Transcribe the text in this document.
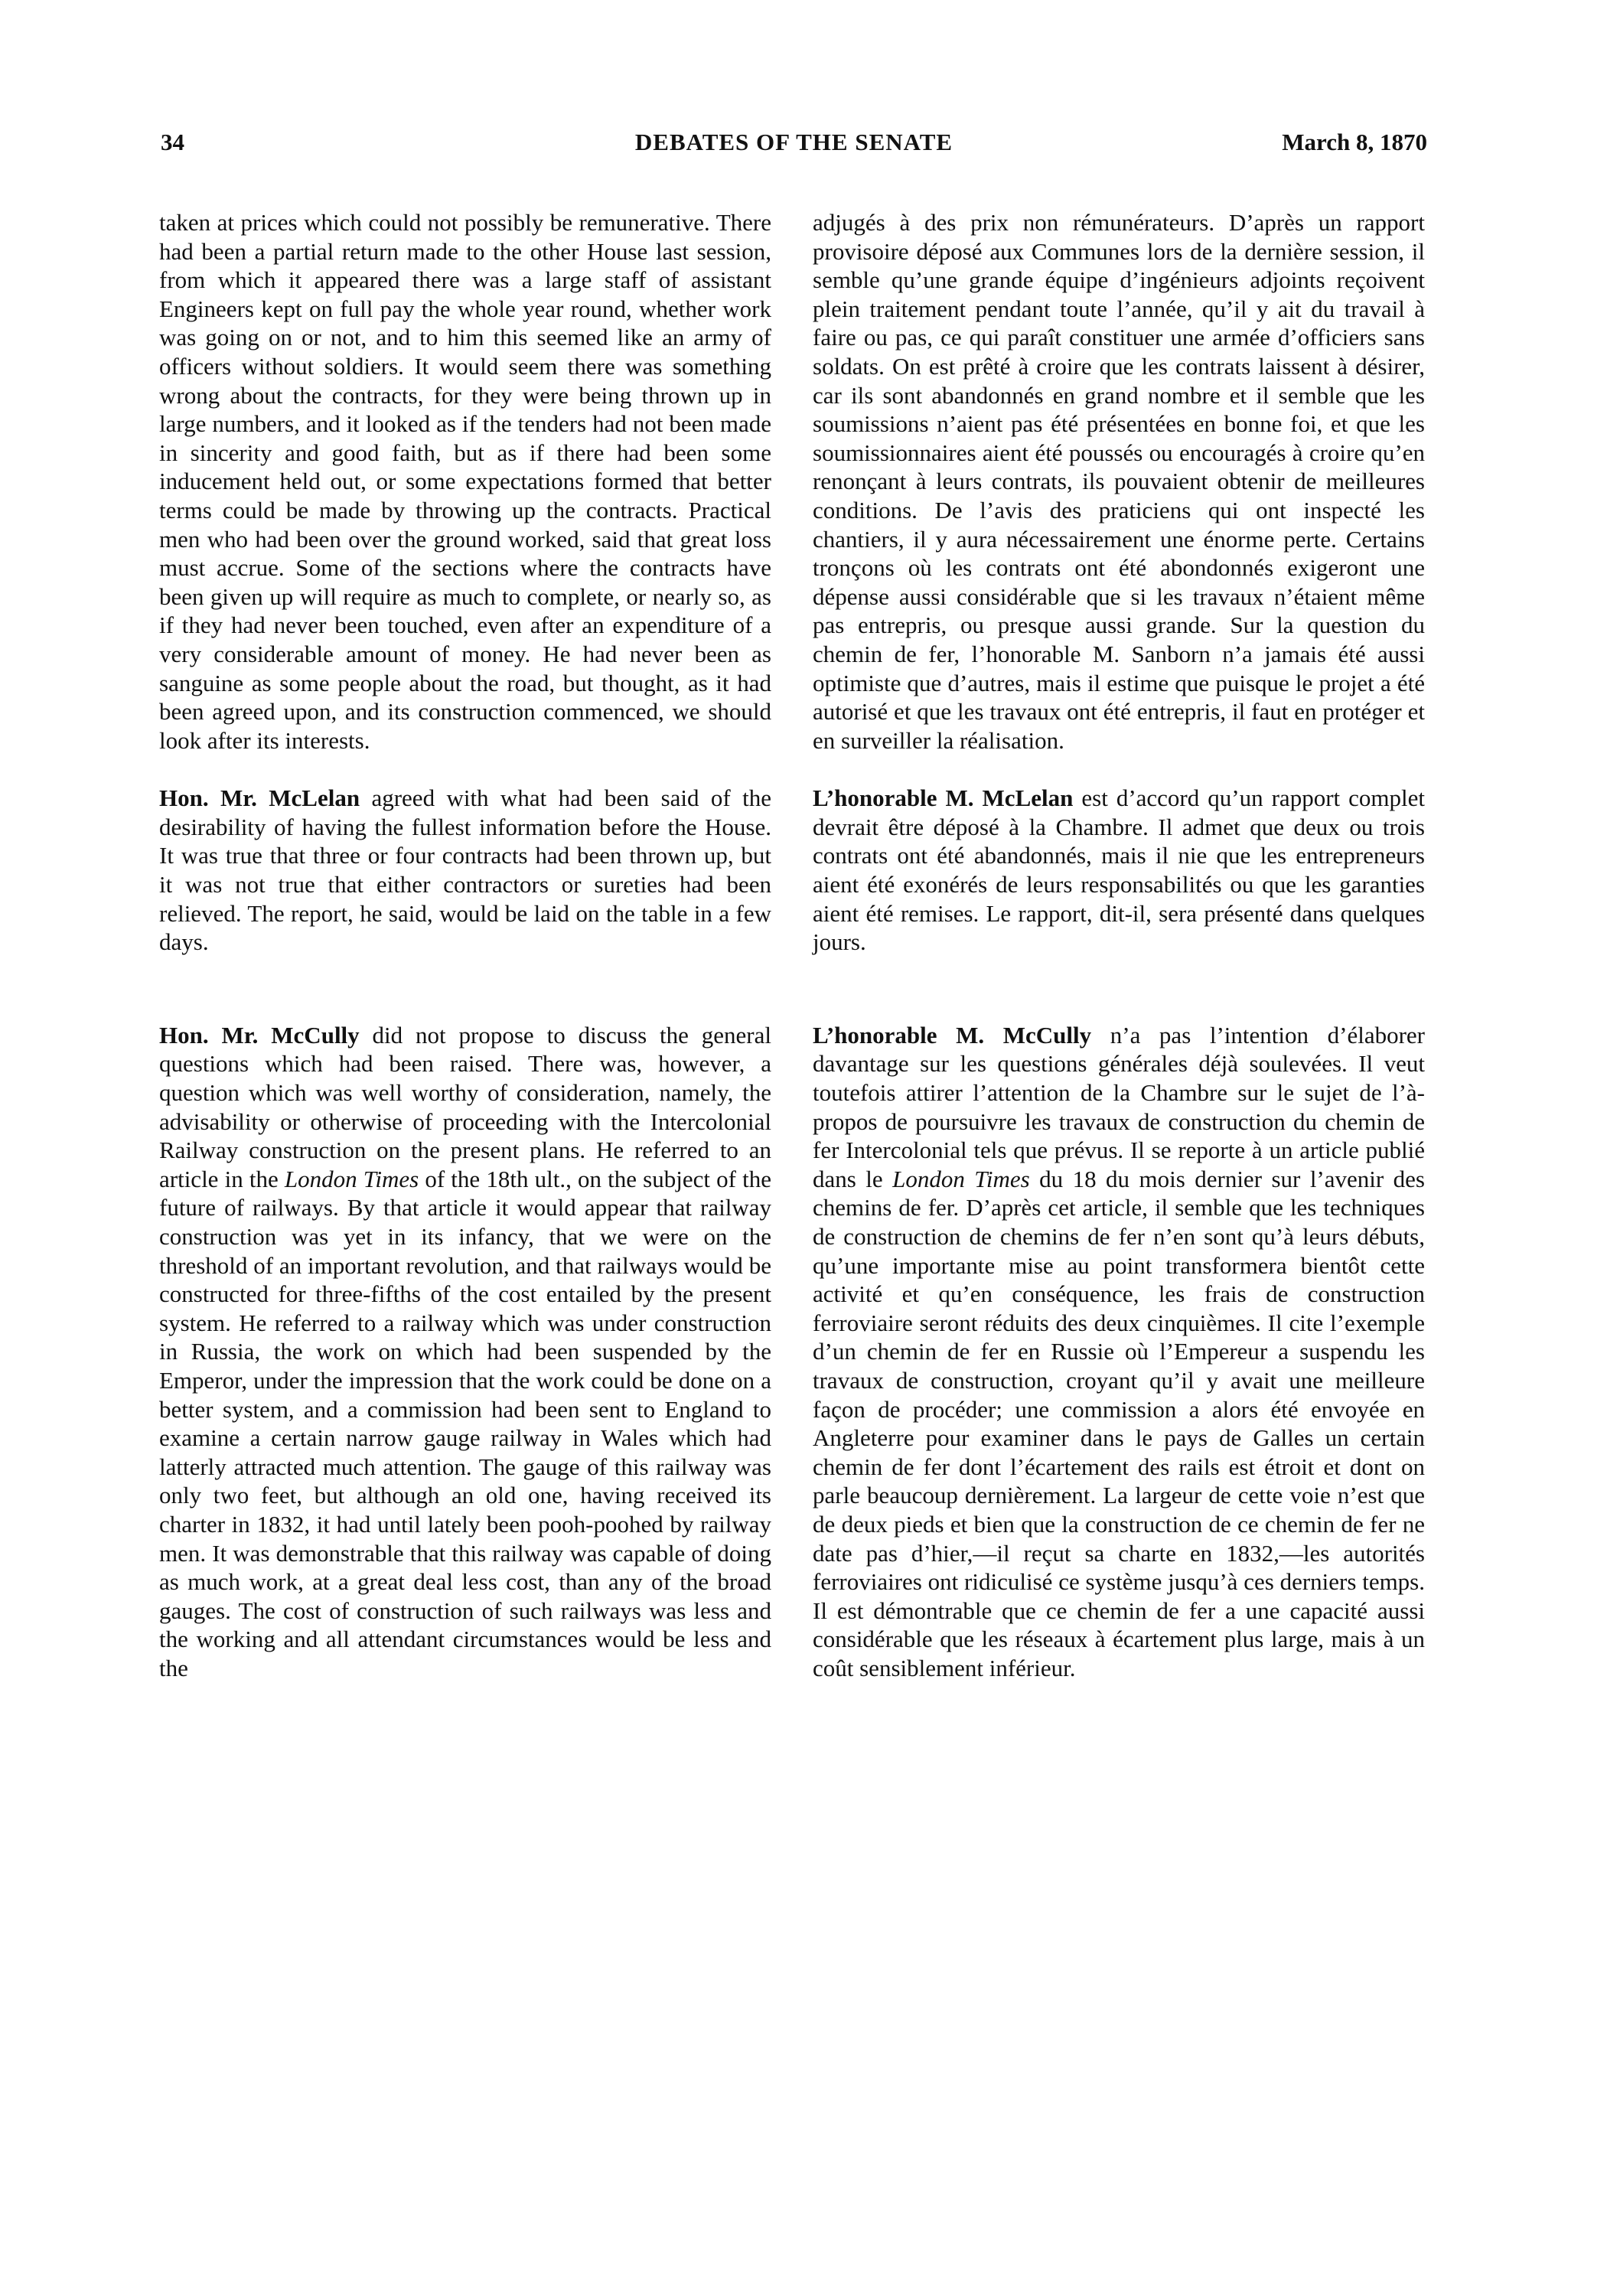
34	DEBATES OF THE SENATE	March 8, 1870

taken at prices which could not possibly be remunerative. There had been a partial return made to the other House last session, from which it appeared there was a large staff of assistant Engineers kept on full pay the whole year round, whether work was going on or not, and to him this seemed like an army of officers without soldiers. It would seem there was something wrong about the contracts, for they were being thrown up in large numbers, and it looked as if the tenders had not been made in sincerity and good faith, but as if there had been some inducement held out, or some expectations formed that better terms could be made by throwing up the contracts. Practical men who had been over the ground worked, said that great loss must accrue. Some of the sections where the contracts have been given up will require as much to complete, or nearly so, as if they had never been touched, even after an expenditure of a very considerable amount of money. He had never been as sanguine as some people about the road, but thought, as it had been agreed upon, and its construction commenced, we should look after its interests.

Hon. Mr. McLelan agreed with what had been said of the desirability of having the fullest information before the House. It was true that three or four contracts had been thrown up, but it was not true that either contractors or sureties had been relieved. The report, he said, would be laid on the table in a few days.

Hon. Mr. McCully did not propose to discuss the general questions which had been raised. There was, however, a question which was well worthy of consideration, namely, the advisability or otherwise of proceeding with the Intercolonial Railway construction on the present plans. He referred to an article in the London Times of the 18th ult., on the subject of the future of railways. By that article it would appear that railway construction was yet in its infancy, that we were on the threshold of an important revolution, and that railways would be constructed for three-fifths of the cost entailed by the present system. He referred to a railway which was under construction in Russia, the work on which had been suspended by the Emperor, under the impression that the work could be done on a better system, and a commission had been sent to England to examine a certain narrow gauge railway in Wales which had latterly attracted much attention. The gauge of this railway was only two feet, but although an old one, having received its charter in 1832, it had until lately been pooh-poohed by railway men. It was demonstrable that this railway was capable of doing as much work, at a great deal less cost, than any of the broad gauges. The cost of construction of such railways was less and the working and all attendant circumstances would be less and the

adjugés à des prix non rémunérateurs. D’après un rapport provisoire déposé aux Communes lors de la dernière session, il semble qu’une grande équipe d’ingénieurs adjoints reçoivent plein traitement pendant toute l’année, qu’il y ait du travail à faire ou pas, ce qui paraît constituer une armée d’officiers sans soldats. On est prêté à croire que les contrats laissent à désirer, car ils sont abandonnés en grand nombre et il semble que les soumissions n’aient pas été présentées en bonne foi, et que les soumissionnaires aient été poussés ou encouragés à croire qu’en renonçant à leurs contrats, ils pouvaient obtenir de meilleures conditions. De l’avis des praticiens qui ont inspecté les chantiers, il y aura nécessairement une énorme perte. Certains tronçons où les contrats ont été abondonnés exigeront une dépense aussi considérable que si les travaux n’étaient même pas entrepris, ou presque aussi grande. Sur la question du chemin de fer, l’honorable M. Sanborn n’a jamais été aussi optimiste que d’autres, mais il estime que puisque le projet a été autorisé et que les travaux ont été entrepris, il faut en protéger et en surveiller la réalisation.

L’honorable M. McLelan est d’accord qu’un rapport complet devrait être déposé à la Chambre. Il admet que deux ou trois contrats ont été abandonnés, mais il nie que les entrepreneurs aient été exonérés de leurs responsabilités ou que les garanties aient été remises. Le rapport, dit-il, sera présenté dans quelques jours.

L’honorable M. McCully n’a pas l’intention d’élaborer davantage sur les questions générales déjà soulevées. Il veut toutefois attirer l’attention de la Chambre sur le sujet de l’à-propos de poursuivre les travaux de construction du chemin de fer Intercolonial tels que prévus. Il se reporte à un article publié dans le London Times du 18 du mois dernier sur l’avenir des chemins de fer. D’après cet article, il semble que les techniques de construction de chemins de fer n’en sont qu’à leurs débuts, qu’une importante mise au point transformera bientôt cette activité et qu’en conséquence, les frais de construction ferroviaire seront réduits des deux cinquièmes. Il cite l’exemple d’un chemin de fer en Russie où l’Empereur a suspendu les travaux de construction, croyant qu’il y avait une meilleure façon de procéder; une commission a alors été envoyée en Angleterre pour examiner dans le pays de Galles un certain chemin de fer dont l’écartement des rails est étroit et dont on parle beaucoup dernièrement. La largeur de cette voie n’est que de deux pieds et bien que la construction de ce chemin de fer ne date pas d’hier,—il reçut sa charte en 1832,—les autorités ferroviaires ont ridiculisé ce système jusqu’à ces derniers temps. Il est démontrable que ce chemin de fer a une capacité aussi considérable que les réseaux à écartement plus large, mais à un coût sensiblement inférieur.
